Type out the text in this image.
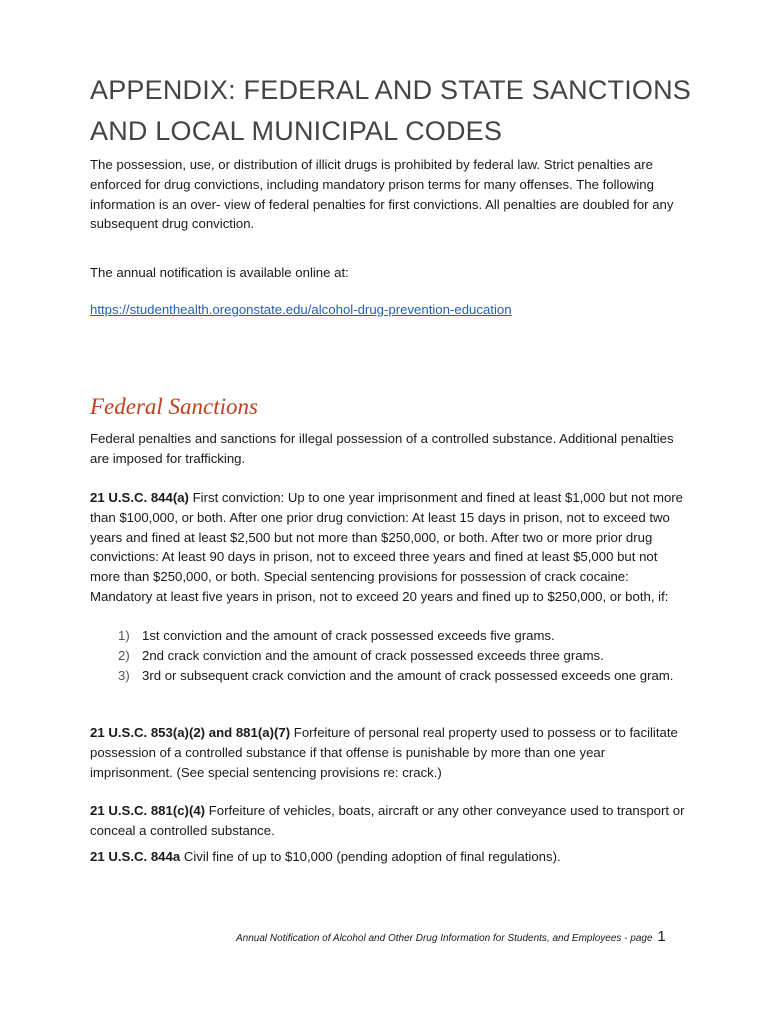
APPENDIX: FEDERAL AND STATE SANCTIONS AND LOCAL MUNICIPAL CODES

The possession, use, or distribution of illicit drugs is prohibited by federal law. Strict penalties are enforced for drug convictions, including mandatory prison terms for many offenses. The following information is an over- view of federal penalties for first convictions. All penalties are doubled for any subsequent drug conviction.

The annual notification is available online at:

https://studenthealth.oregonstate.edu/alcohol-drug-prevention-education
Federal Sanctions

Federal penalties and sanctions for illegal possession of a controlled substance. Additional penalties are imposed for trafficking.

21 U.S.C. 844(a) First conviction: Up to one year imprisonment and fined at least $1,000 but not more than $100,000, or both. After one prior drug conviction: At least 15 days in prison, not to exceed two years and fined at least $2,500 but not more than $250,000, or both. After two or more prior drug convictions: At least 90 days in prison, not to exceed three years and fined at least $5,000 but not more than $250,000, or both. Special sentencing provisions for possession of crack cocaine: Mandatory at least five years in prison, not to exceed 20 years and fined up to $250,000, or both, if:

1) 1st conviction and the amount of crack possessed exceeds five grams.
2) 2nd crack conviction and the amount of crack possessed exceeds three grams.
3) 3rd or subsequent crack conviction and the amount of crack possessed exceeds one gram.

21 U.S.C. 853(a)(2) and 881(a)(7) Forfeiture of personal real property used to possess or to facilitate possession of a controlled substance if that offense is punishable by more than one year imprisonment. (See special sentencing provisions re: crack.)

21 U.S.C. 881(c)(4) Forfeiture of vehicles, boats, aircraft or any other conveyance used to transport or conceal a controlled substance.

21 U.S.C. 844a Civil fine of up to $10,000 (pending adoption of final regulations).

Annual Notification of Alcohol and Other Drug Information for Students, and Employees - page 1
